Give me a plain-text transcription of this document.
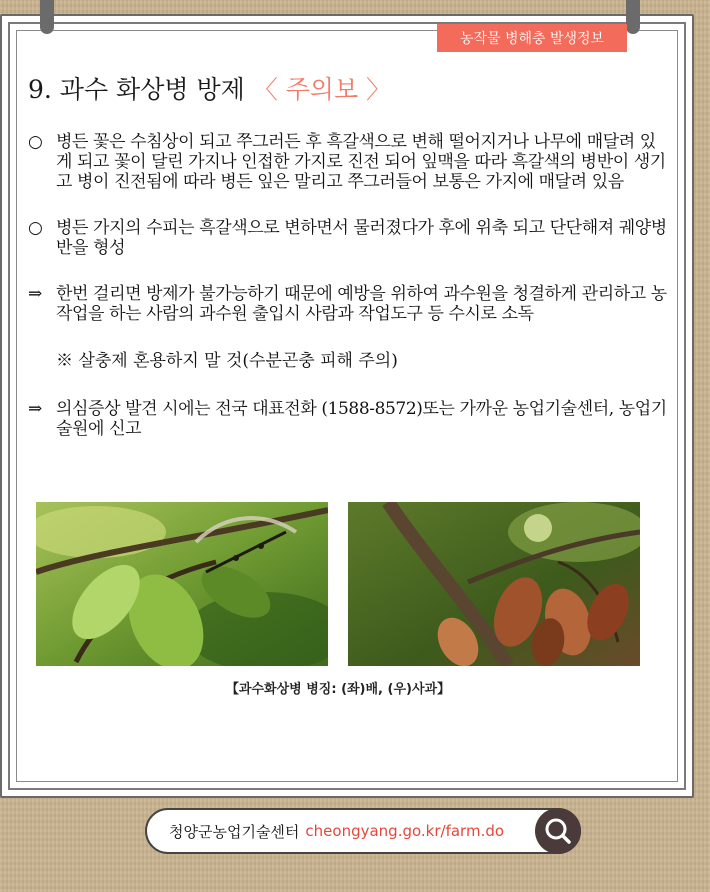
농작물 병해충 발생정보
9. 과수 화상병 방제 〈 주의보 〉
○ 병든 꽃은 수침상이 되고 쭈그러든 후 흑갈색으로 변해 떨어지거나 나무에 매달려 있게 되고 꽃이 달린 가지나 인접한 가지로 진전 되어 잎맥을 따라 흑갈색의 병반이 생기고 병이 진전됨에 따라 병든 잎은 말리고 쭈그러들어 보통은 가지에 매달려 있음
○ 병든 가지의 수피는 흑갈색으로 변하면서 물러졌다가 후에 위축 되고 단단해져 궤양병반을 형성
⇒ 한번 걸리면 방제가 불가능하기 때문에 예방을 위하여 과수원을 청결하게 관리하고 농작업을 하는 사람의 과수원 출입시 사람과 작업도구 등 수시로 소독
※ 살충제 혼용하지 말 것(수분곤충 피해 주의)
⇒ 의심증상 발견 시에는 전국 대표전화 (1588-8572)또는 가까운 농업기술센터, 농업기술원에 신고
【과수화상병 병징: (좌)배, (우)사과】
청양군농업기술센터 cheongyang.go.kr/farm.do
